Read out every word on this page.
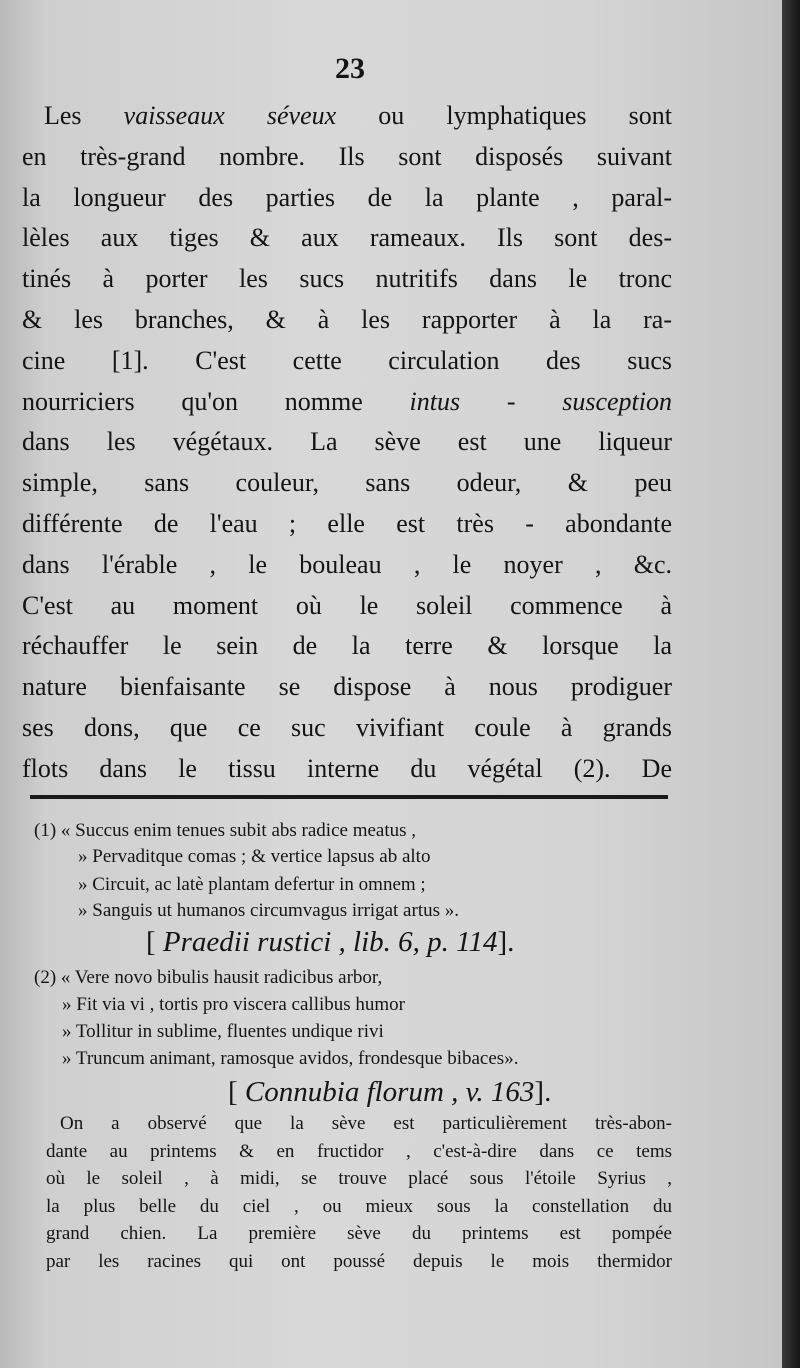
23
Les vaisseaux séveux ou lymphatiques sont
en très-grand nombre. Ils sont disposés suivant
la longueur des parties de la plante , paral-
lèles aux tiges & aux rameaux. Ils sont des-
tinés à porter les sucs nutritifs dans le tronc
& les branches, & à les rapporter à la ra-
cine [1]. C'est cette circulation des sucs
nourriciers qu'on nomme intus - susception
dans les végétaux. La sève est une liqueur
simple, sans couleur, sans odeur, & peu
différente de l'eau ; elle est très - abondante
dans l'érable , le bouleau , le noyer , &c.
C'est au moment où le soleil commence à
réchauffer le sein de la terre & lorsque la
nature bienfaisante se dispose à nous prodiguer
ses dons, que ce suc vivifiant coule à grands
flots dans le tissu interne du végétal (2). De
(1) « Succus enim tenues subit abs radice meatus ,
» Pervaditque comas ; & vertice lapsus ab alto
» Circuit, ac latè plantam defertur in omnem ;
» Sanguis ut humanos circumvagus irrigat artus ».
[ Praedii rustici , lib. 6, p. 114].
(2) « Vere novo bibulis hausit radicibus arbor,
» Fit via vi , tortis pro viscera callibus humor
» Tollitur in sublime, fluentes undique rivi
» Truncum animant, ramosque avidos, frondesque bibaces».
[ Connubia florum , v. 163].
On a observé que la sève est particulièrement très-abon-
dante au printems & en fructidor , c'est-à-dire dans ce tems
où le soleil , à midi, se trouve placé sous l'étoile Syrius ,
la plus belle du ciel , ou mieux sous la constellation du
grand chien. La première sève du printems est pompée
par les racines qui ont poussé depuis le mois thermidor
